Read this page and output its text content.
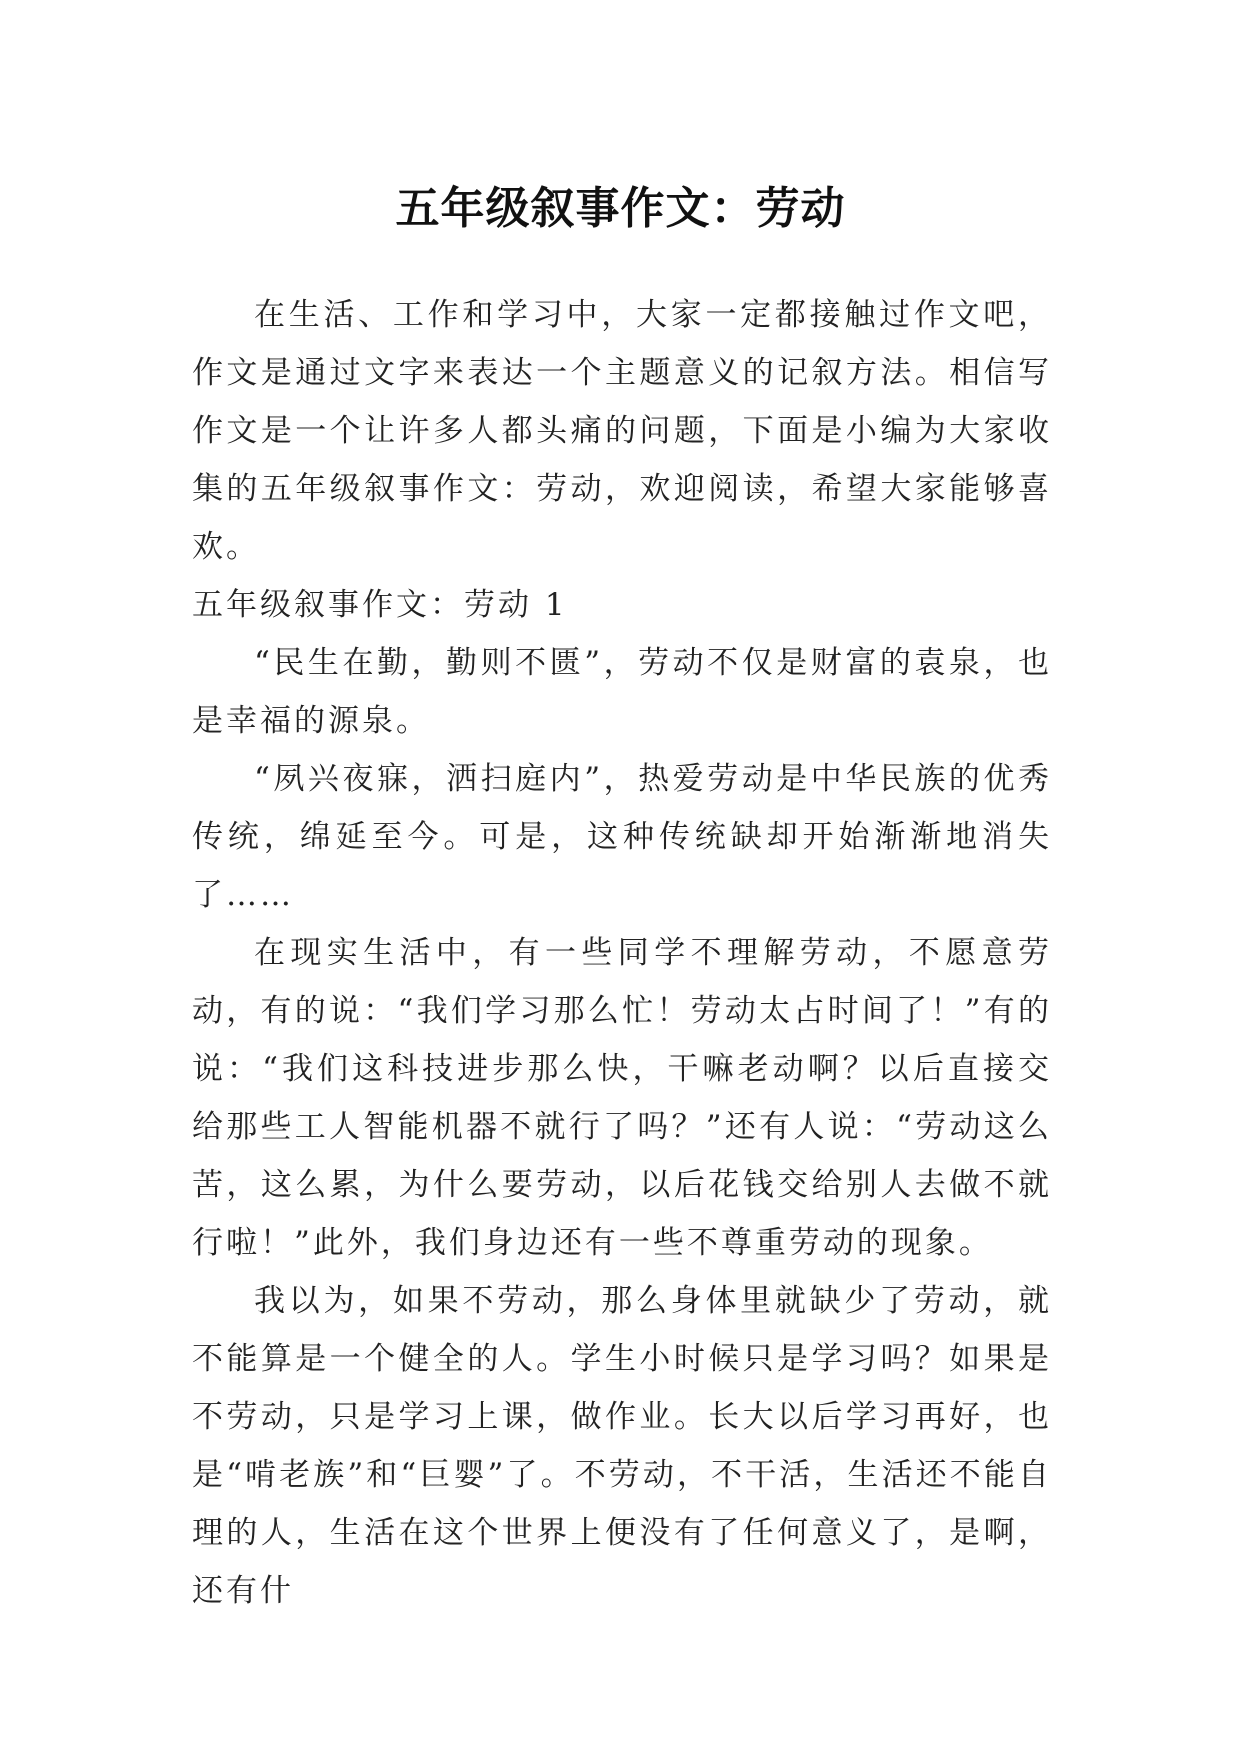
五年级叙事作文：劳动

在生活、工作和学习中，大家一定都接触过作文吧，作文是通过文字来表达一个主题意义的记叙方法。相信写作文是一个让许多人都头痛的问题，下面是小编为大家收集的五年级叙事作文：劳动，欢迎阅读，希望大家能够喜欢。

五年级叙事作文：劳动 1

“民生在勤，勤则不匮”，劳动不仅是财富的袁泉，也是幸福的源泉。

“夙兴夜寐，洒扫庭内”，热爱劳动是中华民族的优秀传统，绵延至今。可是，这种传统缺却开始渐渐地消失了……

在现实生活中，有一些同学不理解劳动，不愿意劳动，有的说：“我们学习那么忙！劳动太占时间了！”有的说：“我们这科技进步那么快，干嘛老动啊？以后直接交给那些工人智能机器不就行了吗？”还有人说：“劳动这么苦，这么累，为什么要劳动，以后花钱交给别人去做不就行啦！”此外，我们身边还有一些不尊重劳动的现象。

我以为，如果不劳动，那么身体里就缺少了劳动，就不能算是一个健全的人。学生小时候只是学习吗？如果是不劳动，只是学习上课，做作业。长大以后学习再好，也是“啃老族”和“巨婴”了。不劳动，不干活，生活还不能自理的人，生活在这个世界上便没有了任何意义了，是啊，还有什
